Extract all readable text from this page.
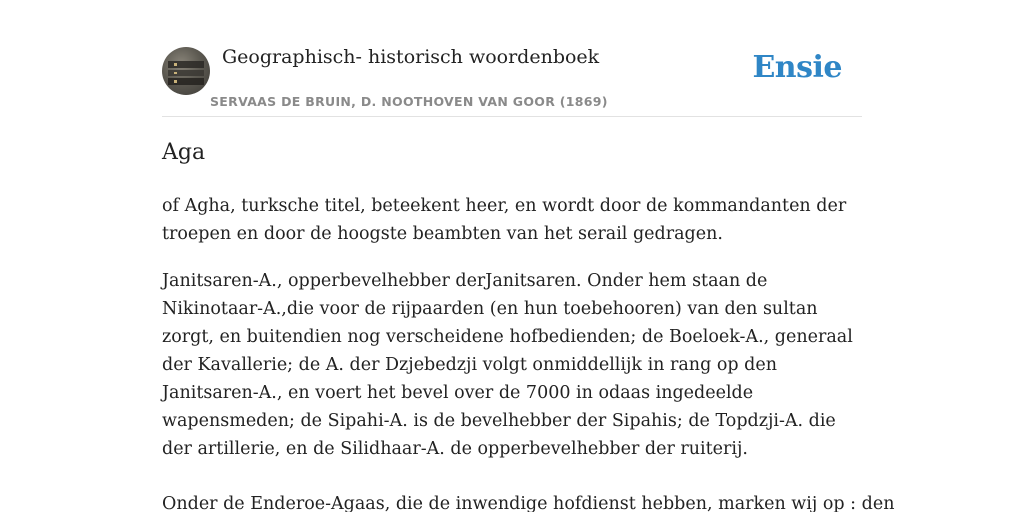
Geographisch- historisch woordenboek
SERVAAS DE BRUIN, D. NOOTHOVEN VAN GOOR (1869)
Ensie
Aga

of Agha, turksche titel, beteekent heer, en wordt door de kommandanten der troepen en door de hoogste beambten van het serail gedragen.

Janitsaren-A., opperbevelhebber derJanitsaren. Onder hem staan de Nikinotaar-A.,die voor de rijpaarden (en hun toebehooren) van den sultan zorgt, en buitendien nog verscheidene hofbedienden; de Boeloek-A., generaal der Kavallerie; de A. der Dzjebedzji volgt onmiddellijk in rang op den Janitsaren-A., en voert het bevel over de 7000 in odaas ingedeelde wapensmeden; de Sipahi-A. is de bevelhebber der Sipahis; de Topdzji-A. die der artillerie, en de Silidhaar-A. de opperbevelhebber der ruiterij.

Onder de Enderoe-Agaas, die de inwendige hofdienst hebben, marken wij op : den
